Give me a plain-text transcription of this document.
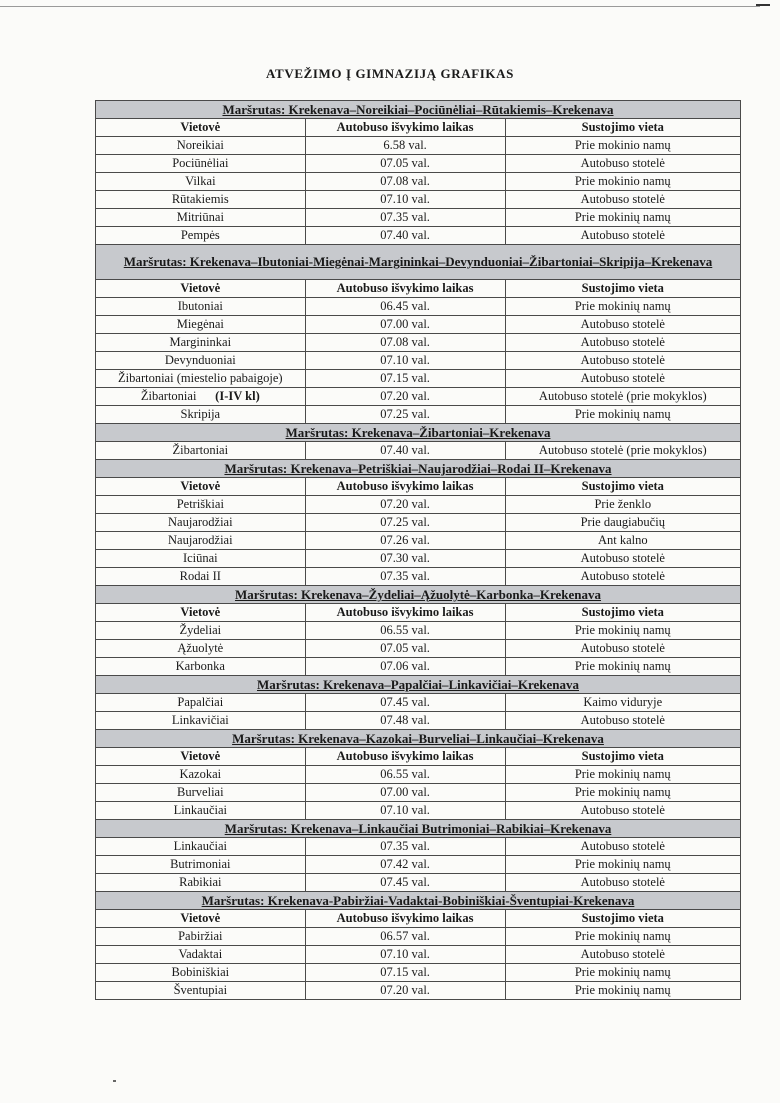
ATVEŽIMO Į GIMNAZIJĄ GRAFIKAS
Maršrutas: Krekenava–Noreikiai–Pociūnėliai–Rūtakiemis–Krekenava		
Vietovė	Autobuso išvykimo laikas	Sustojimo vieta
Noreikiai	6.58 val.	Prie mokinio namų
Pociūnėliai	07.05 val.	Autobuso stotelė
Vilkai	07.08 val.	Prie mokinio namų
Rūtakiemis	07.10 val.	Autobuso stotelė
Mitriūnai	07.35 val.	Prie mokinių namų
Pempės	07.40 val.	Autobuso stotelė
Maršrutas: Krekenava–Ibutoniai-Miegėnai-Margininkai–Devynduoniai–Žibartoniai–Skripija–Krekenava		
Vietovė	Autobuso išvykimo laikas	Sustojimo vieta
Ibutoniai	06.45 val.	Prie mokinių namų
Miegėnai	07.00 val.	Autobuso stotelė
Margininkai	07.08 val.	Autobuso stotelė
Devynduoniai	07.10 val.	Autobuso stotelė
Žibartoniai (miestelio pabaigoje)	07.15 val.	Autobuso stotelė
Žibartoniai (I-IV kl)	07.20 val.	Autobuso stotelė (prie mokyklos)
Skripija	07.25 val.	Prie mokinių namų
Maršrutas: Krekenava–Žibartoniai–Krekenava		
Žibartoniai	07.40 val.	Autobuso stotelė (prie mokyklos)
Maršrutas: Krekenava–Petriškiai–Naujarodžiai–Rodai II–Krekenava		
Vietovė	Autobuso išvykimo laikas	Sustojimo vieta
Petriškiai	07.20 val.	Prie ženklo
Naujarodžiai	07.25 val.	Prie daugiabučių
Naujarodžiai	07.26 val.	Ant kalno
Iciūnai	07.30 val.	Autobuso stotelė
Rodai II	07.35 val.	Autobuso stotelė
Maršrutas: Krekenava–Žydeliai–Ąžuolytė–Karbonka–Krekenava		
Vietovė	Autobuso išvykimo laikas	Sustojimo vieta
Žydeliai	06.55 val.	Prie mokinių namų
Ąžuolytė	07.05 val.	Autobuso stotelė
Karbonka	07.06 val.	Prie mokinių namų
Maršrutas: Krekenava–Papalčiai–Linkavičiai–Krekenava		
Papalčiai	07.45 val.	Kaimo viduryje
Linkavičiai	07.48 val.	Autobuso stotelė
Maršrutas: Krekenava–Kazokai–Burveliai–Linkaučiai–Krekenava		
Vietovė	Autobuso išvykimo laikas	Sustojimo vieta
Kazokai	06.55 val.	Prie mokinių namų
Burveliai	07.00 val.	Prie mokinių namų
Linkaučiai	07.10 val.	Autobuso stotelė
Maršrutas: Krekenava–Linkaučiai Butrimoniai–Rabikiai–Krekenava		
Linkaučiai	07.35 val.	Autobuso stotelė
Butrimoniai	07.42 val.	Prie mokinių namų
Rabikiai	07.45 val.	Autobuso stotelė
Maršrutas: Krekenava-Pabiržiai-Vadaktai-Bobiniškiai-Šventupiai-Krekenava		
Vietovė	Autobuso išvykimo laikas	Sustojimo vieta
Pabiržiai	06.57 val.	Prie mokinių namų
Vadaktai	07.10 val.	Autobuso stotelė
Bobiniškiai	07.15 val.	Prie mokinių namų
Šventupiai	07.20 val.	Prie mokinių namų
